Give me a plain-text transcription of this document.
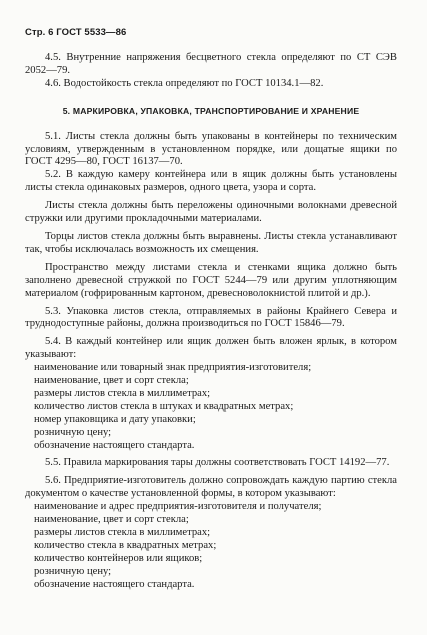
Стр. 6 ГОСТ 5533—86

4.5. Внутренние напряжения бесцветного стекла определяют по СТ СЭВ 2052—79.

4.6. Водостойкость стекла определяют по ГОСТ 10134.1—82.

5. МАРКИРОВКА, УПАКОВКА, ТРАНСПОРТИРОВАНИЕ И ХРАНЕНИЕ

5.1. Листы стекла должны быть упакованы в контейнеры по техническим условиям, утвержденным в установленном порядке, или дощатые ящики по ГОСТ 4295—80, ГОСТ 16137—70.

5.2. В каждую камеру контейнера или в ящик должны быть установлены листы стекла одинаковых размеров, одного цвета, узора и сорта.

Листы стекла должны быть переложены одиночными волокнами древесной стружки или другими прокладочными материалами.

Торцы листов стекла должны быть выравнены. Листы стекла устанавливают так, чтобы исключалась возможность их смещения.

Пространство между листами стекла и стенками ящика должно быть заполнено древесной стружкой по ГОСТ 5244—79 или другим уплотняющим материалом (гофрированным картоном, древесноволокнистой плитой и др.).

5.3. Упаковка листов стекла, отправляемых в районы Крайнего Севера и труднодоступные районы, должна производиться по ГОСТ 15846—79.

5.4. В каждый контейнер или ящик должен быть вложен ярлык, в котором указывают:

наименование или товарный знак предприятия-изготовителя;

наименование, цвет и сорт стекла;

размеры листов стекла в миллиметрах;

количество листов стекла в штуках и квадратных метрах;

номер упаковщика и дату упаковки;

розничную цену;

обозначение настоящего стандарта.

5.5. Правила маркирования тары должны соответствовать ГОСТ 14192—77.

5.6. Предприятие-изготовитель должно сопровождать каждую партию стекла документом о качестве установленной формы, в котором указывают:

наименование и адрес предприятия-изготовителя и получателя;

наименование, цвет и сорт стекла;

размеры листов стекла в миллиметрах;

количество стекла в квадратных метрах;

количество контейнеров или ящиков;

розничную цену;

обозначение настоящего стандарта.
